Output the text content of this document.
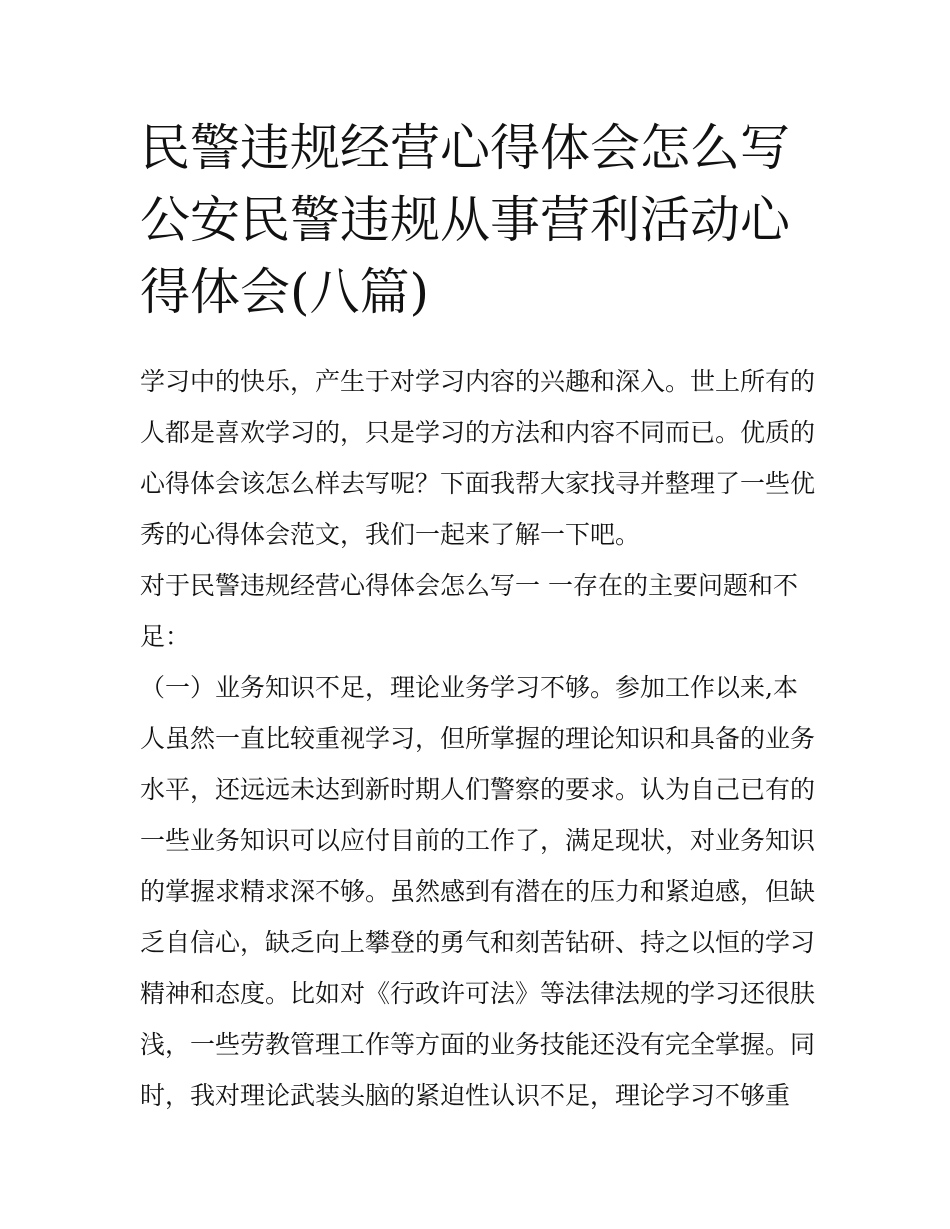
民警违规经营心得体会怎么写
公安民警违规从事营利活动心
得体会(八篇)
学习中的快乐，产生于对学习内容的兴趣和深入。世上所有的
人都是喜欢学习的，只是学习的方法和内容不同而已。优质的
心得体会该怎么样去写呢？下面我帮大家找寻并整理了一些优
秀的心得体会范文，我们一起来了解一下吧。
对于民警违规经营心得体会怎么写一 一存在的主要问题和不
足：
（一）业务知识不足，理论业务学习不够。参加工作以来,本
人虽然一直比较重视学习，但所掌握的理论知识和具备的业务
水平，还远远未达到新时期人们警察的要求。认为自己已有的
一些业务知识可以应付目前的工作了，满足现状，对业务知识
的掌握求精求深不够。虽然感到有潜在的压力和紧迫感，但缺
乏自信心，缺乏向上攀登的勇气和刻苦钻研、持之以恒的学习
精神和态度。比如对《行政许可法》等法律法规的学习还很肤
浅，一些劳教管理工作等方面的业务技能还没有完全掌握。同
时，我对理论武装头脑的紧迫性认识不足，理论学习不够重
